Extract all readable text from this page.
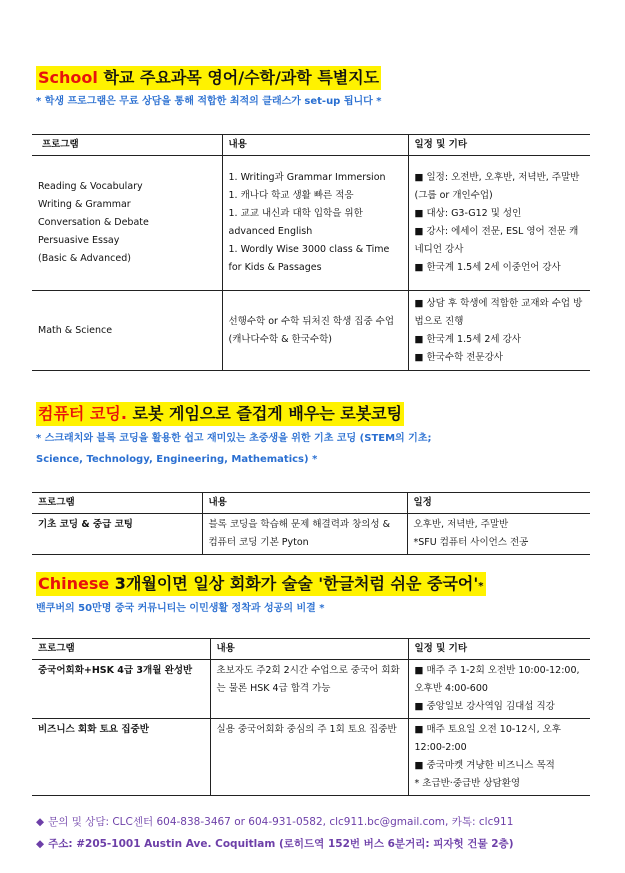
School 학교 주요과목 영어/수학/과학 특별지도
* 학생 프로그램은 무료 상담을 통해 적합한 최적의 클래스가 set-up 됩니다 *
프로그램	내용	일정 및 기타

Reading & Vocabulary
Writing & Grammar
Conversation & Debate
Persuasive Essay
(Basic & Advanced)	1. Writing과 Grammar Immersion
1. 캐나다 학교 생활 빠른 적응
1. 교교 내신과 대학 입학을 위한 advanced English
1. Wordly Wise 3000 class & Time for Kids & Passages	■ 일정: 오전반, 오후반, 저녁반, 주말반 (그룹 or 개인수업)
■ 대상: G3-G12 및 성인
■ 강사: 에세이 전문, ESL 영어 전문 캐네디언 강사
■ 한국계 1.5세 2세 이중언어 강사

Math & Science	선행수학 or 수학 뒤처진 학생 집중 수업 (캐나다수학 & 한국수학)	■ 상담 후 학생에 적합한 교재와 수업 방법으로 진행
■ 한국계 1.5세 2세 강사
■ 한국수학 전문강사
컴퓨터 코딩. 로봇 게임으로 즐겁게 배우는 로봇코팅
* 스크래치와 블록 코딩을 활용한 쉽고 재미있는 초중생을 위한 기초 코딩 (STEM의 기초;
Science, Technology, Engineering, Mathematics) *
프로그램	내용	일정

기초 코딩 & 중급 코팅	블록 코딩을 학습해 문제 해결력과 창의성 & 컴퓨터 코딩 기본 Pyton	오후반, 저녁반, 주말반
*SFU 컴퓨터 사이언스 전공
Chinese 3개월이면 일상 회화가 술술 '한글처럼 쉬운 중국어'*
밴쿠버의 50만명 중국 커뮤니티는 이민생활 정착과 성공의 비결 *
프로그램	내용	일정 및 기타

중국어회화+HSK 4급 3개월 완성반	초보자도 주2회 2시간 수업으로 중국어 회화는 물론 HSK 4급 합격 가능	■ 매주 주 1-2회 오전반 10:00-12:00, 오후반 4:00-600
■ 중앙일보 강사역임 김대섭 직강

비즈니스 회화 토요 집중반	실용 중국어회화 중심의 주 1회 토요 집중반	■ 매주 토요일 오전 10-12시, 오후 12:00-2:00
■ 중국마켓 겨냥한 비즈니스 목적
* 초급반·중급반 상담환영
◆ 문의 및 상담: CLC센터 604-838-3467 or 604-931-0582, clc911.bc@gmail.com, 카톡: clc911
◆ 주소: #205-1001 Austin Ave. Coquitlam (로히드역 152번 버스 6분거리: 피자헛 건물 2층)
